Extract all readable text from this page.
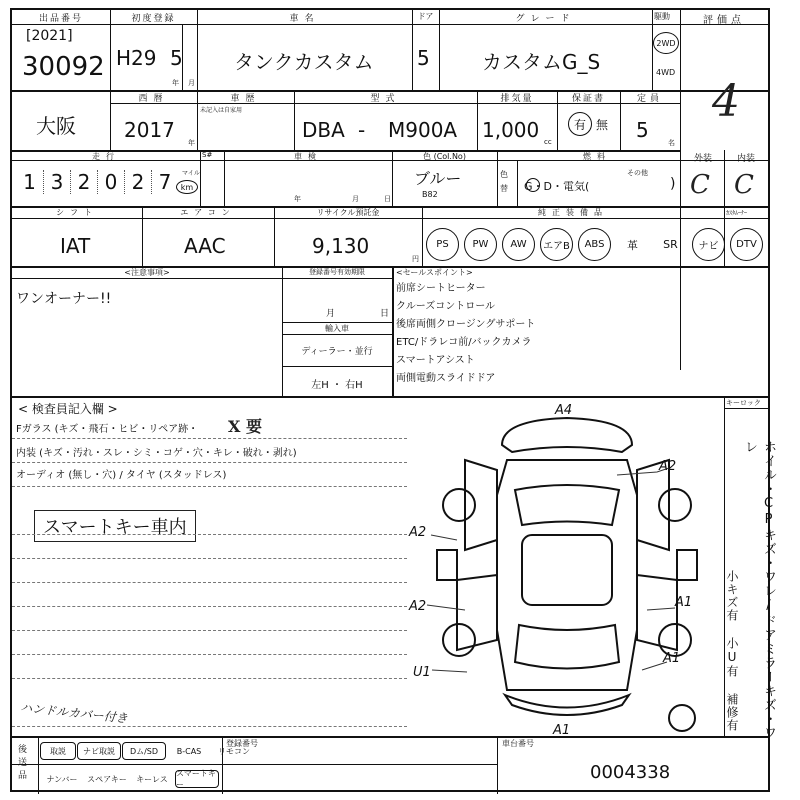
出品番号
[2021]
30092
初度登録
H29 5
年 月
車名
タンクカスタム
ドア
5
グレード
カスタムG_S
駆動
2WD
4WD
評価点
4
大阪
西暦
2017
年
車歴
未記入は自家用
型式
DBA - M900A
排気量
1,000 cc
保証書
有 無
定員
5
名
走行
1 3 2 0 2 7	マイル
km
S#	車検
年	月	日
色 (Col.No)
ブルー
B82
色替
燃料
G・D・電気(
その他
)
外装
C
内装
C
シフト
IAT
エアコン
AAC
リサイクル預託金
9,130
円
純正装備品	ｶｽﾀﾑｰﾅｰ
PS	PW	AW	エアB	ABS	革	SR	ナビ	DTV
<注意事項>
ワンオーナー!!
登録番号有効期限
月	日
輸入車
ディーラー・並行
左H ・ 右H
<セールスポイント>
前席シートヒーター
クルーズコントロール
後席両側クロージングサポート
ETC/ドラレコ前/バックカメラ
スマートアシスト
両側電動スライドドア
< 検査員記入欄 >
Fガラス (キズ・飛石・ヒビ・リペア跡・ X 要
内装 (キズ・汚れ・スレ・シミ・コゲ・穴・キレ・破れ・剥れ)
オーディオ (無し・穴) / タイヤ (スタッドレス)
スマートキー車内
ハンドルカバー付き
キーロック
ホイル・CPキズ・ワレ/ドアミラーキズ・ワレ
小キズ有 小U有 補修有
A4
A2
A2
A2	A1
U1
A1
A1
後送品
取説	ナビ取説	Dム/SD	B-CAS	リモコン
ナンバー	スペアキー	キーレス
スマートキー
登録番号	車台番号
0004338
